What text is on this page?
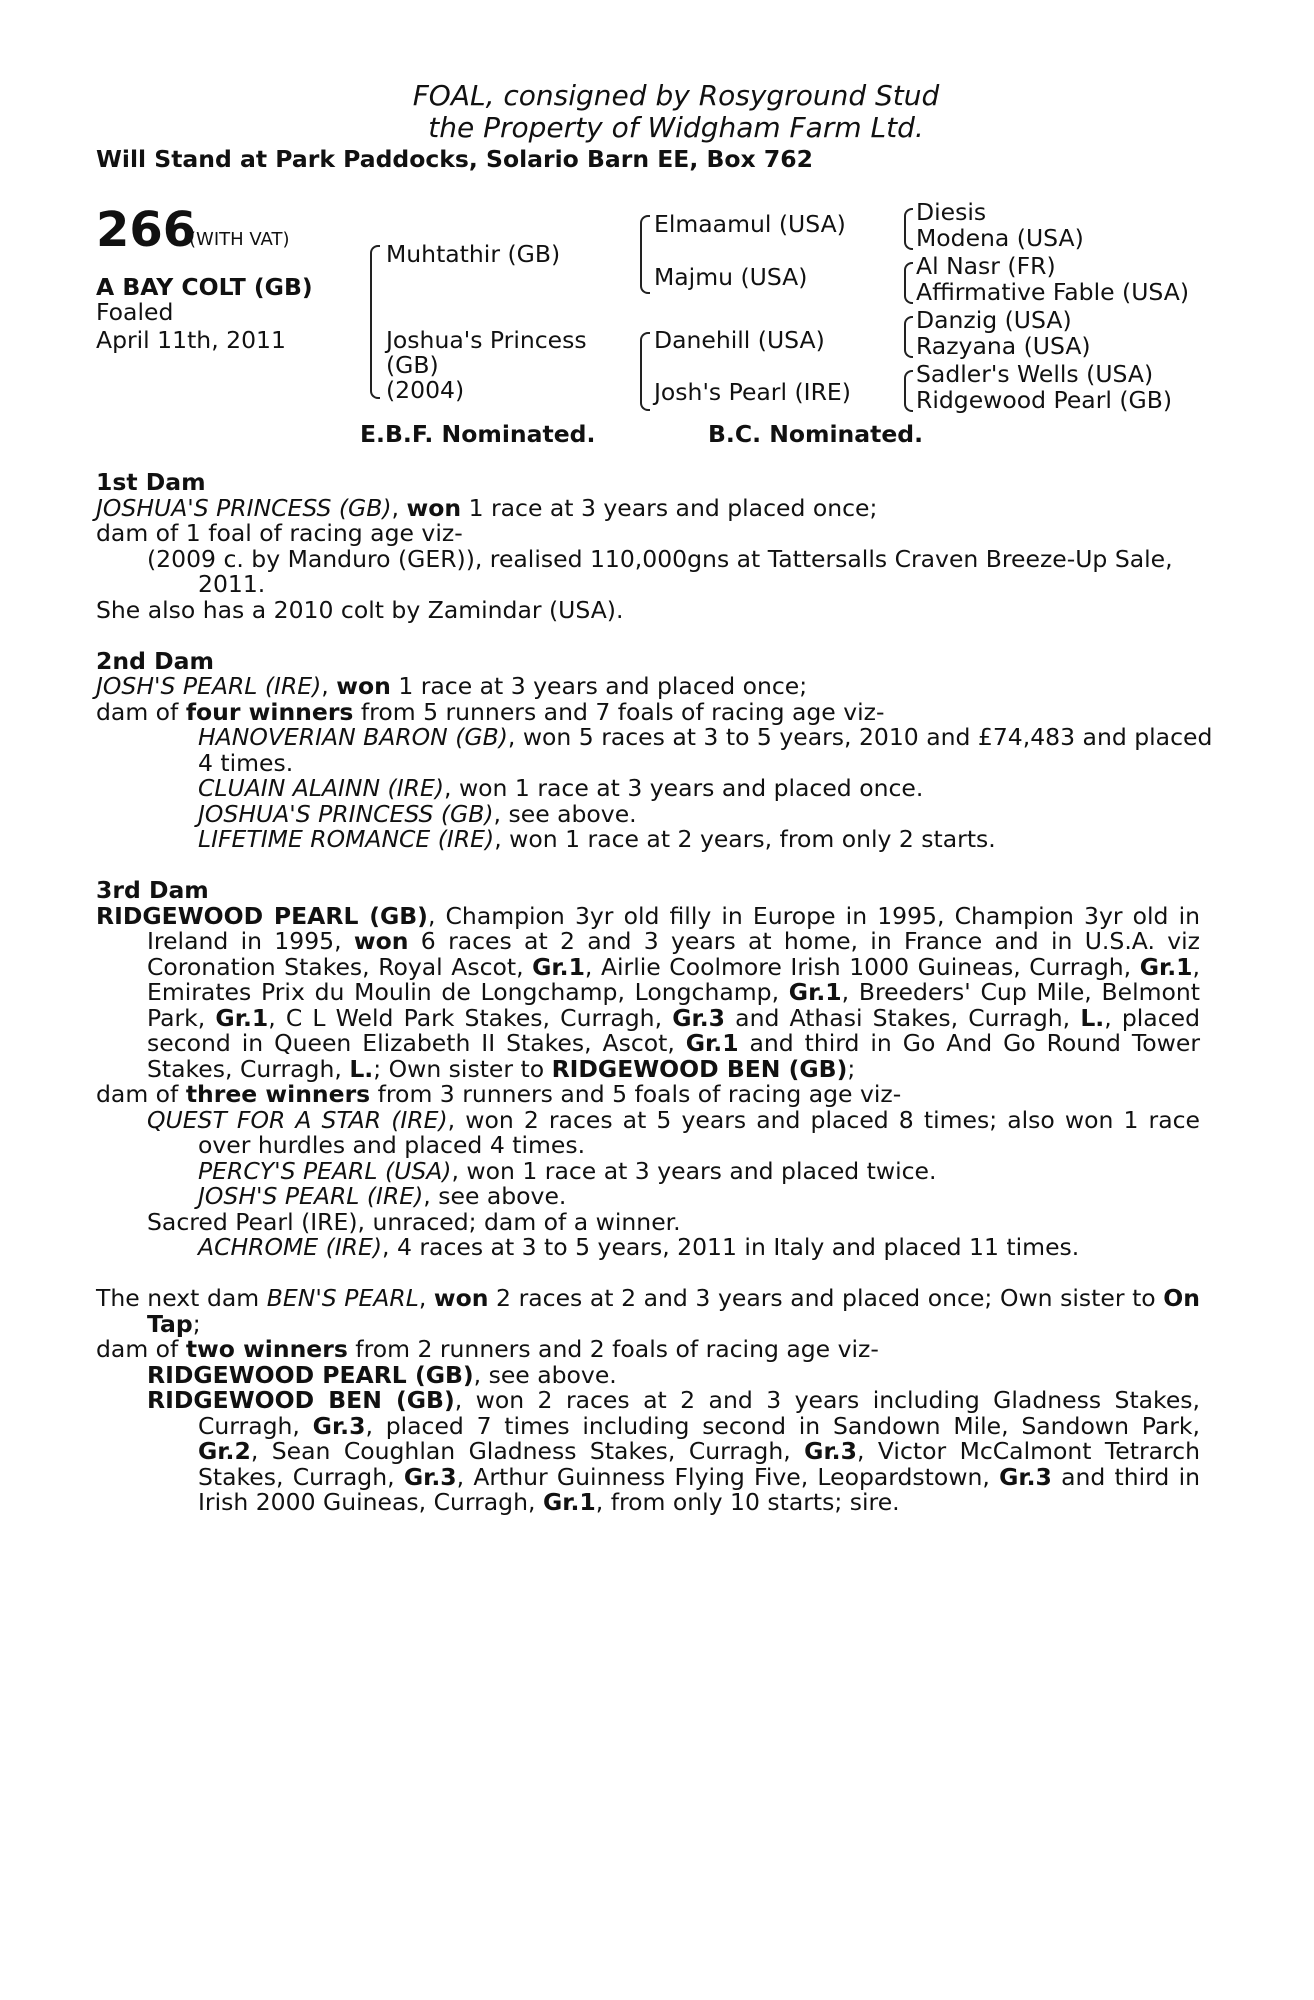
FOAL, consigned by Rosyground Stud
the Property of Widgham Farm Ltd.
Will Stand at Park Paddocks, Solario Barn EE, Box 762
266
(WITH VAT)
A BAY COLT (GB)
Foaled
April 11th, 2011
Muhtathir (GB)
Joshua's Princess
(GB)
(2004)
Elmaamul (USA)
Majmu (USA)
Danehill (USA)
Josh's Pearl (IRE)
Diesis
Modena (USA)
Al Nasr (FR)
Affirmative Fable (USA)
Danzig (USA)
Razyana (USA)
Sadler's Wells (USA)
Ridgewood Pearl (GB)
E.B.F. Nominated.	B.C. Nominated.
1st Dam
JOSHUA'S PRINCESS (GB), won 1 race at 3 years and placed once;
dam of 1 foal of racing age viz-
(2009 c. by Manduro (GER)), realised 110,000gns at Tattersalls Craven Breeze-Up Sale,
2011.
She also has a 2010 colt by Zamindar (USA).
2nd Dam
JOSH'S PEARL (IRE), won 1 race at 3 years and placed once;
dam of four winners from 5 runners and 7 foals of racing age viz-
HANOVERIAN BARON (GB), won 5 races at 3 to 5 years, 2010 and £74,483 and placed
4 times.
CLUAIN ALAINN (IRE), won 1 race at 3 years and placed once.
JOSHUA'S PRINCESS (GB), see above.
LIFETIME ROMANCE (IRE), won 1 race at 2 years, from only 2 starts.
3rd Dam
RIDGEWOOD PEARL (GB), Champion 3yr old filly in Europe in 1995, Champion 3yr old in Ireland in 1995, won 6 races at 2 and 3 years at home, in France and in U.S.A. viz Coronation Stakes, Royal Ascot, Gr.1, Airlie Coolmore Irish 1000 Guineas, Curragh, Gr.1, Emirates Prix du Moulin de Longchamp, Longchamp, Gr.1, Breeders' Cup Mile, Belmont Park, Gr.1, C L Weld Park Stakes, Curragh, Gr.3 and Athasi Stakes, Curragh, L., placed second in Queen Elizabeth II Stakes, Ascot, Gr.1 and third in Go And Go Round Tower Stakes, Curragh, L.; Own sister to RIDGEWOOD BEN (GB);
dam of three winners from 3 runners and 5 foals of racing age viz-
QUEST FOR A STAR (IRE), won 2 races at 5 years and placed 8 times; also won 1 race over hurdles and placed 4 times.
PERCY'S PEARL (USA), won 1 race at 3 years and placed twice.
JOSH'S PEARL (IRE), see above.
Sacred Pearl (IRE), unraced; dam of a winner.
ACHROME (IRE), 4 races at 3 to 5 years, 2011 in Italy and placed 11 times.
The next dam BEN'S PEARL, won 2 races at 2 and 3 years and placed once; Own sister to On Tap;
dam of two winners from 2 runners and 2 foals of racing age viz-
RIDGEWOOD PEARL (GB), see above.
RIDGEWOOD BEN (GB), won 2 races at 2 and 3 years including Gladness Stakes, Curragh, Gr.3, placed 7 times including second in Sandown Mile, Sandown Park, Gr.2, Sean Coughlan Gladness Stakes, Curragh, Gr.3, Victor McCalmont Tetrarch Stakes, Curragh, Gr.3, Arthur Guinness Flying Five, Leopardstown, Gr.3 and third in Irish 2000 Guineas, Curragh, Gr.1, from only 10 starts; sire.
